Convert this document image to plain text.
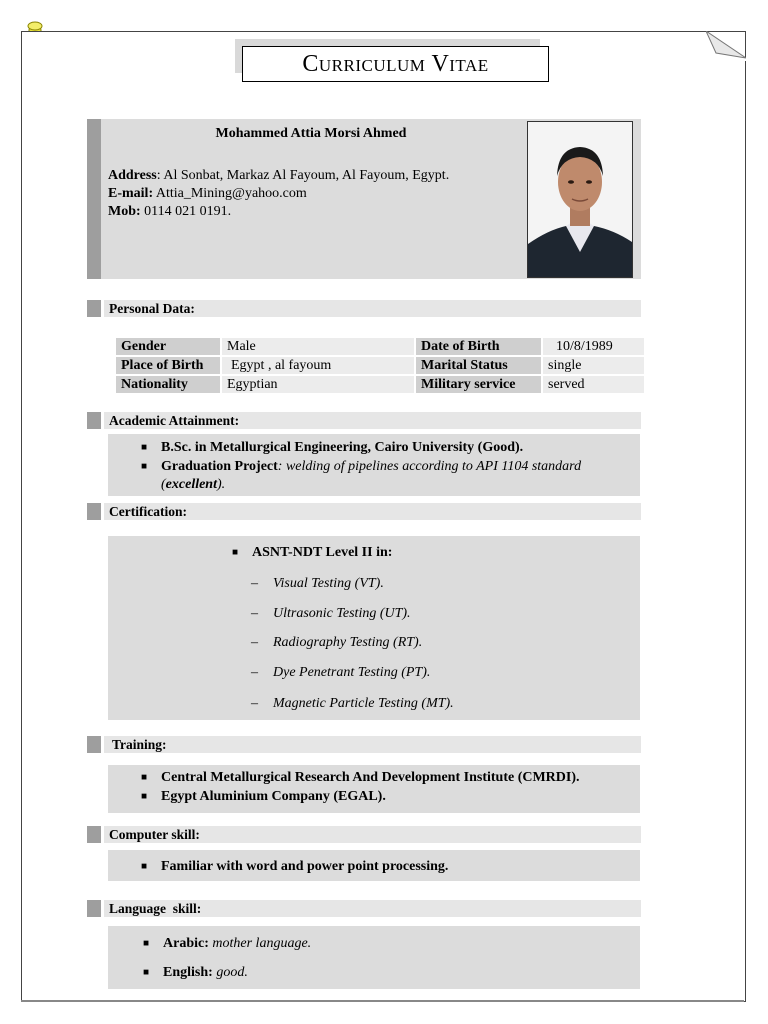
Curriculum Vitae
Mohammed Attia Morsi Ahmed
Address: Al Sonbat, Markaz Al Fayoum, Al Fayoum, Egypt.
E-mail: Attia_Mining@yahoo.com
Mob: 0114 021 0191.
Personal Data:
Gender	Male	Date of Birth	10/8/1989
Place of Birth	Egypt , al fayoum	Marital Status	single
Nationality	Egyptian	Military service	served
Academic Attainment:
■ B.Sc. in Metallurgical Engineering, Cairo University (Good).
■ Graduation Project: welding of pipelines according to API 1104 standard
(excellent).
Certification:
■ ASNT-NDT Level II in:
– Visual Testing (VT).
– Ultrasonic Testing (UT).
– Radiography Testing (RT).
– Dye Penetrant Testing (PT).
– Magnetic Particle Testing (MT).
Training:
■ Central Metallurgical Research And Development Institute (CMRDI).
■ Egypt Aluminium Company (EGAL).
Computer skill:
■ Familiar with word and power point processing.
Language  skill:
■ Arabic: mother language.
■ English: good.
